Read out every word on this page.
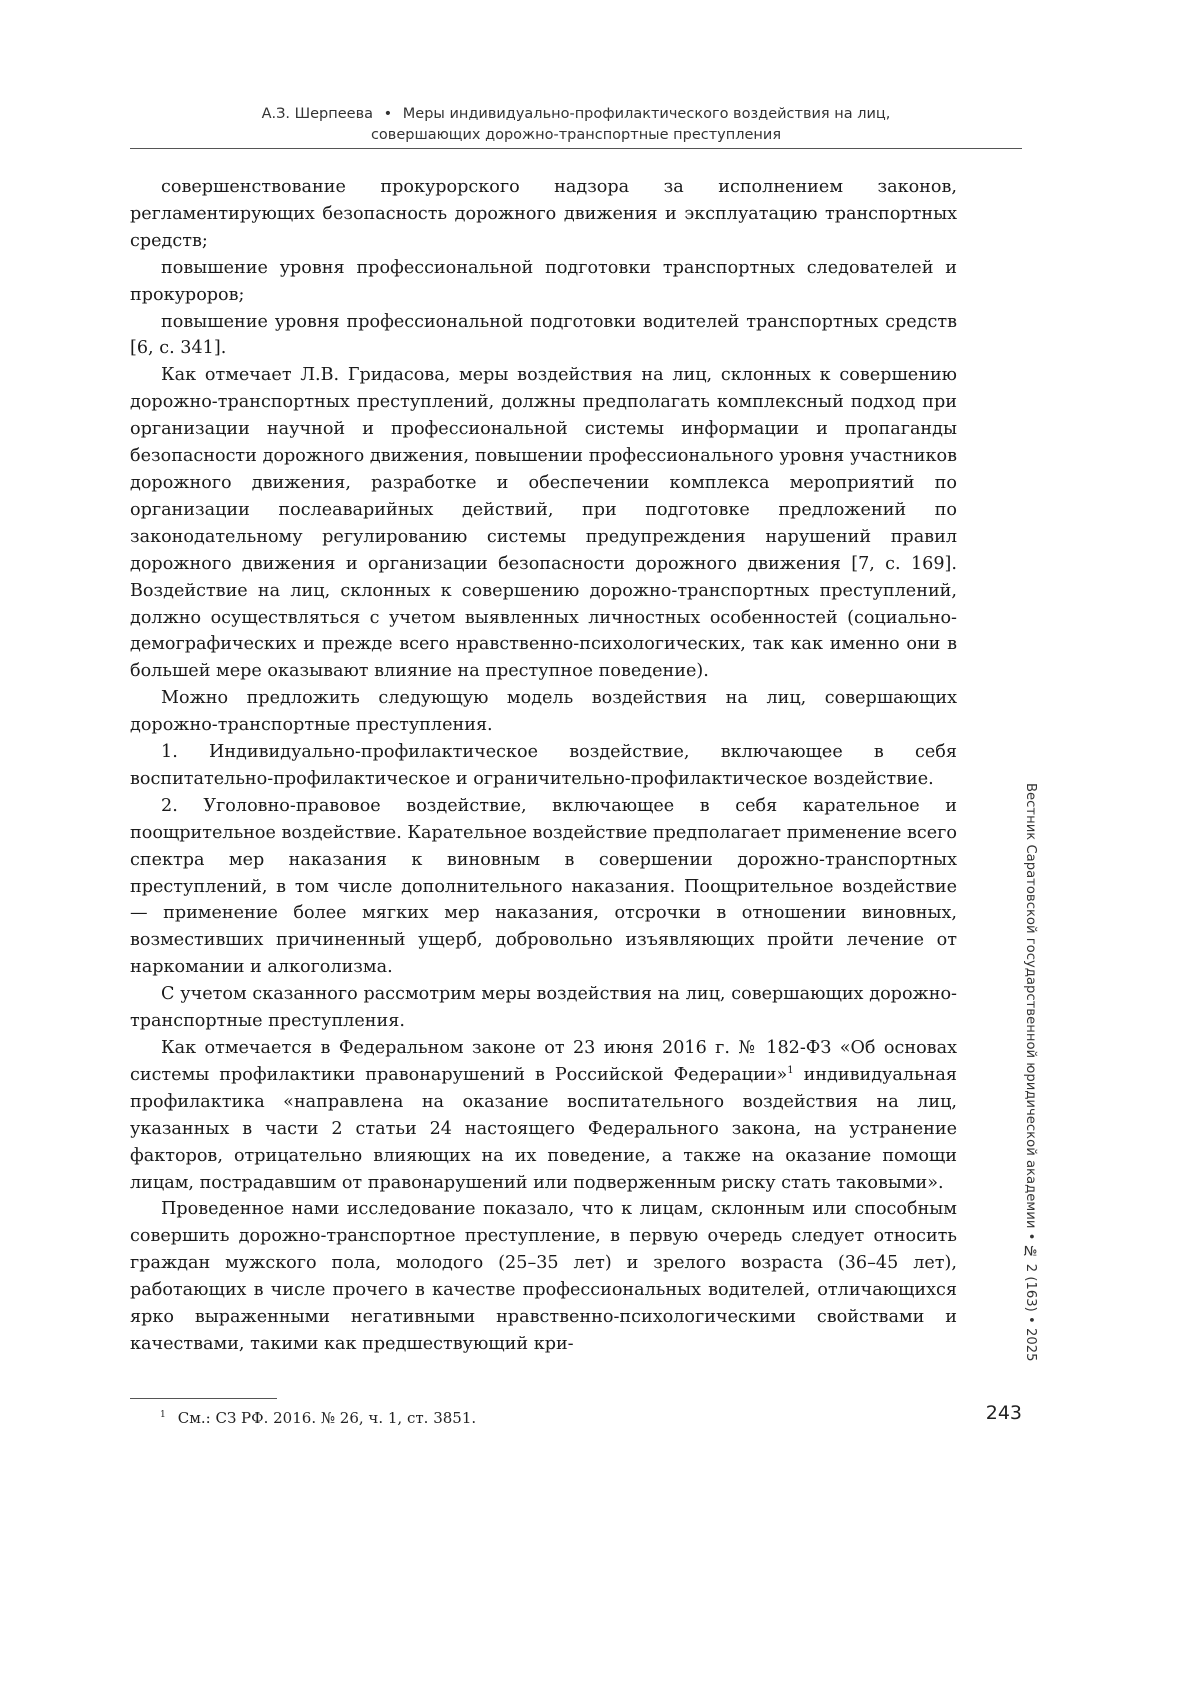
А.З. Шерпеева • Меры индивидуально-профилактического воздействия на лиц,
совершающих дорожно-транспортные преступления

совершенствование прокурорского надзора за исполнением законов, регламентирующих безопасность дорожного движения и эксплуатацию транспортных средств;

повышение уровня профессиональной подготовки транспортных следователей и прокуроров;

повышение уровня профессиональной подготовки водителей транспортных средств [6, с. 341].

Как отмечает Л.В. Гридасова, меры воздействия на лиц, склонных к совершению дорожно-транспортных преступлений, должны предполагать комплексный подход при организации научной и профессиональной системы информации и пропаганды безопасности дорожного движения, повышении профессионального уровня участников дорожного движения, разработке и обеспечении комплекса мероприятий по организации послеаварийных действий, при подготовке предложений по законодательному регулированию системы предупреждения нарушений правил дорожного движения и организации безопасности дорожного движения [7, с. 169]. Воздействие на лиц, склонных к совершению дорожно-транспортных преступлений, должно осуществляться с учетом выявленных личностных особенностей (социально-демографических и прежде всего нравственно-психологических, так как именно они в большей мере оказывают влияние на преступное поведение).

Можно предложить следующую модель воздействия на лиц, совершающих дорожно-транспортные преступления.

1. Индивидуально-профилактическое воздействие, включающее в себя воспитательно-профилактическое и ограничительно-профилактическое воздействие.

2. Уголовно-правовое воздействие, включающее в себя карательное и поощрительное воздействие. Карательное воздействие предполагает применение всего спектра мер наказания к виновным в совершении дорожно-транспортных преступлений, в том числе дополнительного наказания. Поощрительное воздействие — применение более мягких мер наказания, отсрочки в отношении виновных, возместивших причиненный ущерб, добровольно изъявляющих пройти лечение от наркомании и алкоголизма.

С учетом сказанного рассмотрим меры воздействия на лиц, совершающих дорожно-транспортные преступления.

Как отмечается в Федеральном законе от 23 июня 2016 г. № 182-ФЗ «Об основах системы профилактики правонарушений в Российской Федерации»$^1$ индивидуальная профилактика «направлена на оказание воспитательного воздействия на лиц, указанных в части 2 статьи 24 настоящего Федерального закона, на устранение факторов, отрицательно влияющих на их поведение, а также на оказание помощи лицам, пострадавшим от правонарушений или подверженным риску стать таковыми».

Проведенное нами исследование показало, что к лицам, склонным или способным совершить дорожно-транспортное преступление, в первую очередь следует относить граждан мужского пола, молодого (25–35 лет) и зрелого возраста (36–45 лет), работающих в числе прочего в качестве профессиональных водителей, отличающихся ярко выраженными негативными нравственно-психологическими свойствами и качествами, такими как предшествующий кри-

$^1$ См.: СЗ РФ. 2016. № 26, ч. 1, ст. 3851.	243
Вестник Саратовской государственной юридической академии • № 2 (163) • 2025
